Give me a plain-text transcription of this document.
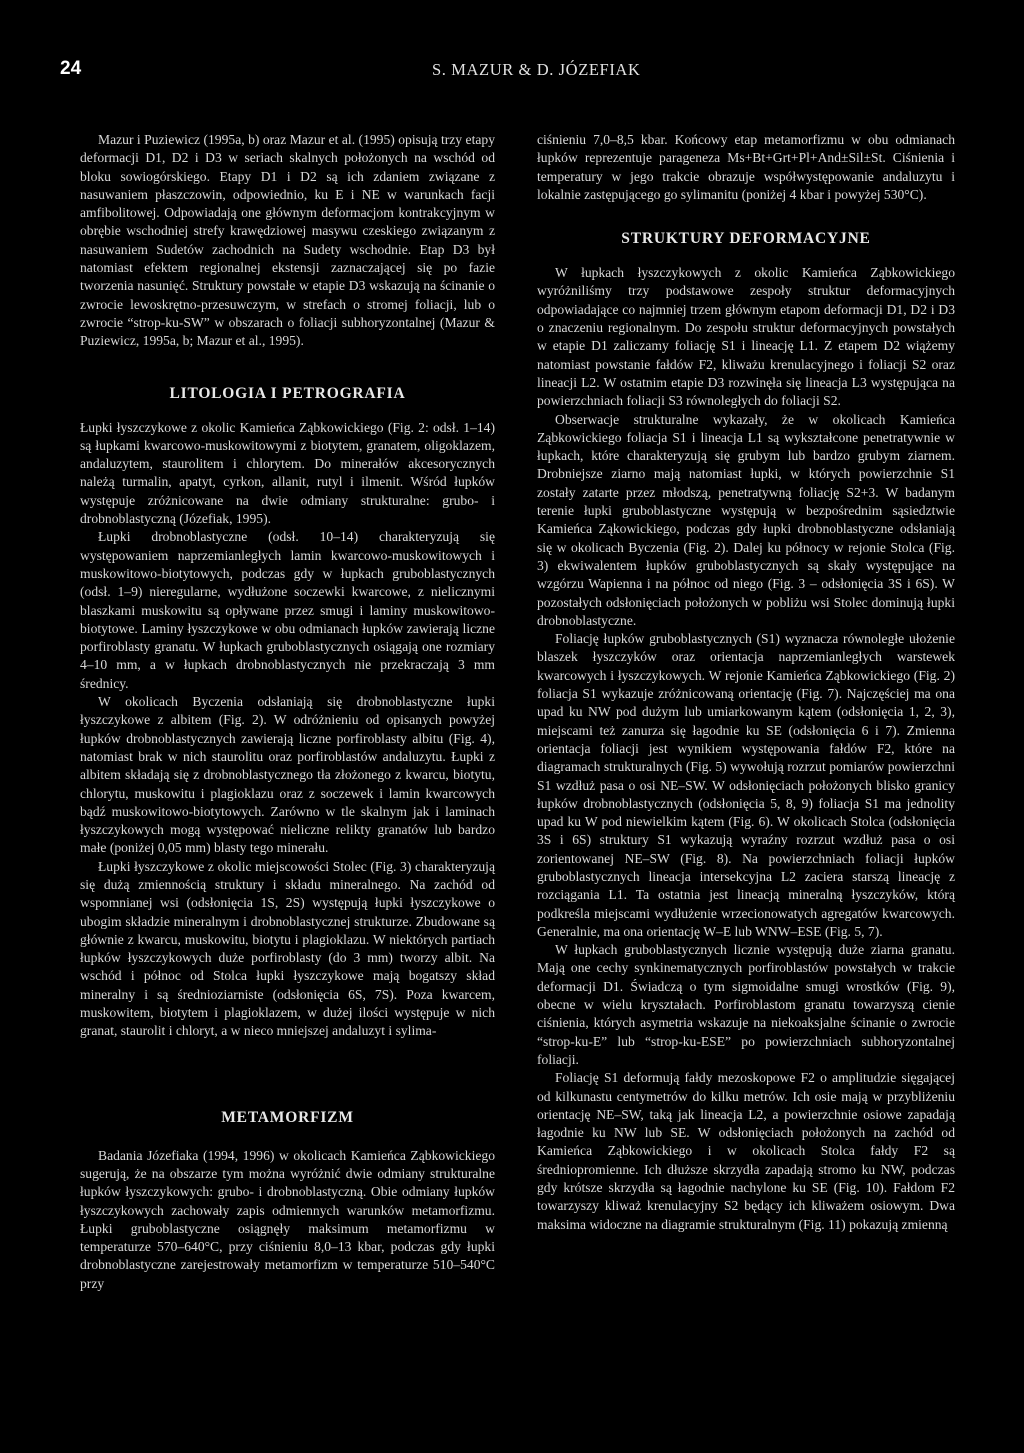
24	S. MAZUR & D. JÓZEFIAK

Mazur i Puziewicz (1995a, b) oraz Mazur et al. (1995) opisują trzy etapy deformacji D1, D2 i D3 w seriach skalnych położonych na wschód od bloku sowiogórskiego. Etapy D1 i D2 są ich zdaniem związane z nasuwaniem płaszczowin, odpowiednio, ku E i NE w warunkach facji amfibolitowej. Odpowiadają one głównym deformacjom kontrakcyjnym w obrębie wschodniej strefy krawędziowej masywu czeskiego związanym z nasuwaniem Sudetów zachodnich na Sudety wschodnie. Etap D3 był natomiast efektem regionalnej ekstensji zaznaczającej się po fazie tworzenia nasunięć. Struktury powstałe w etapie D3 wskazują na ścinanie o zwrocie lewoskrętno-przesuwczym, w strefach o stromej foliacji, lub o zwrocie “strop-ku-SW” w obszarach o foliacji subhoryzontalnej (Mazur & Puziewicz, 1995a, b; Mazur et al., 1995).

LITOLOGIA I PETROGRAFIA

Łupki łyszczykowe z okolic Kamieńca Ząbkowickiego (Fig. 2: odsł. 1–14) są łupkami kwarcowo-muskowitowymi z biotytem, granatem, oligoklazem, andaluzytem, staurolitem i chlorytem. Do minerałów akcesorycznych należą turmalin, apatyt, cyrkon, allanit, rutyl i ilmenit. Wśród łupków występuje zróżnicowane na dwie odmiany strukturalne: grubo- i drobnoblastyczną (Józefiak, 1995).

Łupki drobnoblastyczne (odsł. 10–14) charakteryzują się występowaniem naprzemianległych lamin kwarcowo-muskowitowych i muskowitowo-biotytowych, podczas gdy w łupkach gruboblastycznych (odsł. 1–9) nieregularne, wydłużone soczewki kwarcowe, z nielicznymi blaszkami muskowitu są opływane przez smugi i laminy muskowitowo-biotytowe. Laminy łyszczykowe w obu odmianach łupków zawierają liczne porfiroblasty granatu. W łupkach gruboblastycznych osiągają one rozmiary 4–10 mm, a w łupkach drobnoblastycznych nie przekraczają 3 mm średnicy.

W okolicach Byczenia odsłaniają się drobnoblastyczne łupki łyszczykowe z albitem (Fig. 2). W odróżnieniu od opisanych powyżej łupków drobnoblastycznych zawierają liczne porfiroblasty albitu (Fig. 4), natomiast brak w nich staurolitu oraz porfiroblastów andaluzytu. Łupki z albitem składają się z drobnoblastycznego tła złożonego z kwarcu, biotytu, chlorytu, muskowitu i plagioklazu oraz z soczewek i lamin kwarcowych bądź muskowitowo-biotytowych. Zarówno w tle skalnym jak i laminach łyszczykowych mogą występować nieliczne relikty granatów lub bardzo małe (poniżej 0,05 mm) blasty tego minerału.

Łupki łyszczykowe z okolic miejscowości Stolec (Fig. 3) charakteryzują się dużą zmiennością struktury i składu mineralnego. Na zachód od wspomnianej wsi (odsłonięcia 1S, 2S) występują łupki łyszczykowe o ubogim składzie mineralnym i drobnoblastycznej strukturze. Zbudowane są głównie z kwarcu, muskowitu, biotytu i plagioklazu. W niektórych partiach łupków łyszczykowych duże porfiroblasty (do 3 mm) tworzy albit. Na wschód i północ od Stolca łupki łyszczykowe mają bogatszy skład mineralny i są średnioziarniste (odsłonięcia 6S, 7S). Poza kwarcem, muskowitem, biotytem i plagioklazem, w dużej ilości występuje w nich granat, staurolit i chloryt, a w nieco mniejszej andaluzyt i sylima-

METAMORFIZM

Badania Józefiaka (1994, 1996) w okolicach Kamieńca Ząbkowickiego sugerują, że na obszarze tym można wyróżnić dwie odmiany strukturalne łupków łyszczykowych: grubo- i drobnoblastyczną. Obie odmiany łupków łyszczykowych zachowały zapis odmiennych warunków metamorfizmu. Łupki gruboblastyczne osiągnęły maksimum metamorfizmu w temperaturze 570–640°C, przy ciśnieniu 8,0–13 kbar, podczas gdy łupki drobnoblastyczne zarejestrowały metamorfizm w temperaturze 510–540°C przy

ciśnieniu 7,0–8,5 kbar. Końcowy etap metamorfizmu w obu odmianach łupków reprezentuje parageneza Ms+Bt+Grt+Pl+And±Sil±St. Ciśnienia i temperatury w jego trakcie obrazuje współwystępowanie andaluzytu i lokalnie zastępującego go sylimanitu (poniżej 4 kbar i powyżej 530°C).

STRUKTURY DEFORMACYJNE

W łupkach łyszczykowych z okolic Kamieńca Ząbkowickiego wyróżniliśmy trzy podstawowe zespoły struktur deformacyjnych odpowiadające co najmniej trzem głównym etapom deformacji D1, D2 i D3 o znaczeniu regionalnym. Do zespołu struktur deformacyjnych powstałych w etapie D1 zaliczamy foliację S1 i lineację L1. Z etapem D2 wiążemy natomiast powstanie fałdów F2, kliważu krenulacyjnego i foliacji S2 oraz lineacji L2. W ostatnim etapie D3 rozwinęła się lineacja L3 występująca na powierzchniach foliacji S3 równoległych do foliacji S2.

Obserwacje strukturalne wykazały, że w okolicach Kamieńca Ząbkowickiego foliacja S1 i lineacja L1 są wykształcone penetratywnie w łupkach, które charakteryzują się grubym lub bardzo grubym ziarnem. Drobniejsze ziarno mają natomiast łupki, w których powierzchnie S1 zostały zatarte przez młodszą, penetratywną foliację S2+3. W badanym terenie łupki gruboblastyczne występują w bezpośrednim sąsiedztwie Kamieńca Ząkowickiego, podczas gdy łupki drobnoblastyczne odsłaniają się w okolicach Byczenia (Fig. 2). Dalej ku północy w rejonie Stolca (Fig. 3) ekwiwalentem łupków gruboblastycznych są skały występujące na wzgórzu Wapienna i na północ od niego (Fig. 3 – odsłonięcia 3S i 6S). W pozostałych odsłonięciach położonych w pobliżu wsi Stolec dominują łupki drobnoblastyczne.

Foliację łupków gruboblastycznych (S1) wyznacza równoległe ułożenie blaszek łyszczyków oraz orientacja naprzemianległych warstewek kwarcowych i łyszczykowych. W rejonie Kamieńca Ząbkowickiego (Fig. 2) foliacja S1 wykazuje zróżnicowaną orientację (Fig. 7). Najczęściej ma ona upad ku NW pod dużym lub umiarkowanym kątem (odsłonięcia 1, 2, 3), miejscami też zanurza się łagodnie ku SE (odsłonięcia 6 i 7). Zmienna orientacja foliacji jest wynikiem występowania fałdów F2, które na diagramach strukturalnych (Fig. 5) wywołują rozrzut pomiarów powierzchni S1 wzdłuż pasa o osi NE–SW. W odsłonięciach położonych blisko granicy łupków drobnoblastycznych (odsłonięcia 5, 8, 9) foliacja S1 ma jednolity upad ku W pod niewielkim kątem (Fig. 6). W okolicach Stolca (odsłonięcia 3S i 6S) struktury S1 wykazują wyraźny rozrzut wzdłuż pasa o osi zorientowanej NE–SW (Fig. 8). Na powierzchniach foliacji łupków gruboblastycznych lineacja intersekcyjna L2 zaciera starszą lineację z rozciągania L1. Ta ostatnia jest lineacją mineralną łyszczyków, którą podkreśla miejscami wydłużenie wrzecionowatych agregatów kwarcowych. Generalnie, ma ona orientację W–E lub WNW–ESE (Fig. 5, 7).

W łupkach gruboblastycznych licznie występują duże ziarna granatu. Mają one cechy synkinematycznych porfiroblastów powstałych w trakcie deformacji D1. Świadczą o tym sigmoidalne smugi wrostków (Fig. 9), obecne w wielu kryształach. Porfiroblastom granatu towarzyszą cienie ciśnienia, których asymetria wskazuje na niekoaksjalne ścinanie o zwrocie “strop-ku-E” lub “strop-ku-ESE” po powierzchniach subhoryzontalnej foliacji.

Foliację S1 deformują fałdy mezoskopowe F2 o amplitudzie sięgającej od kilkunastu centymetrów do kilku metrów. Ich osie mają w przybliżeniu orientację NE–SW, taką jak lineacja L2, a powierzchnie osiowe zapadają łagodnie ku NW lub SE. W odsłonięciach położonych na zachód od Kamieńca Ząbkowickiego i w okolicach Stolca fałdy F2 są średniopromienne. Ich dłuższe skrzydła zapadają stromo ku NW, podczas gdy krótsze skrzydła są łagodnie nachylone ku SE (Fig. 10). Fałdom F2 towarzyszy kliważ krenulacyjny S2 będący ich kliważem osiowym. Dwa maksima widoczne na diagramie strukturalnym (Fig. 11) pokazują zmienną
